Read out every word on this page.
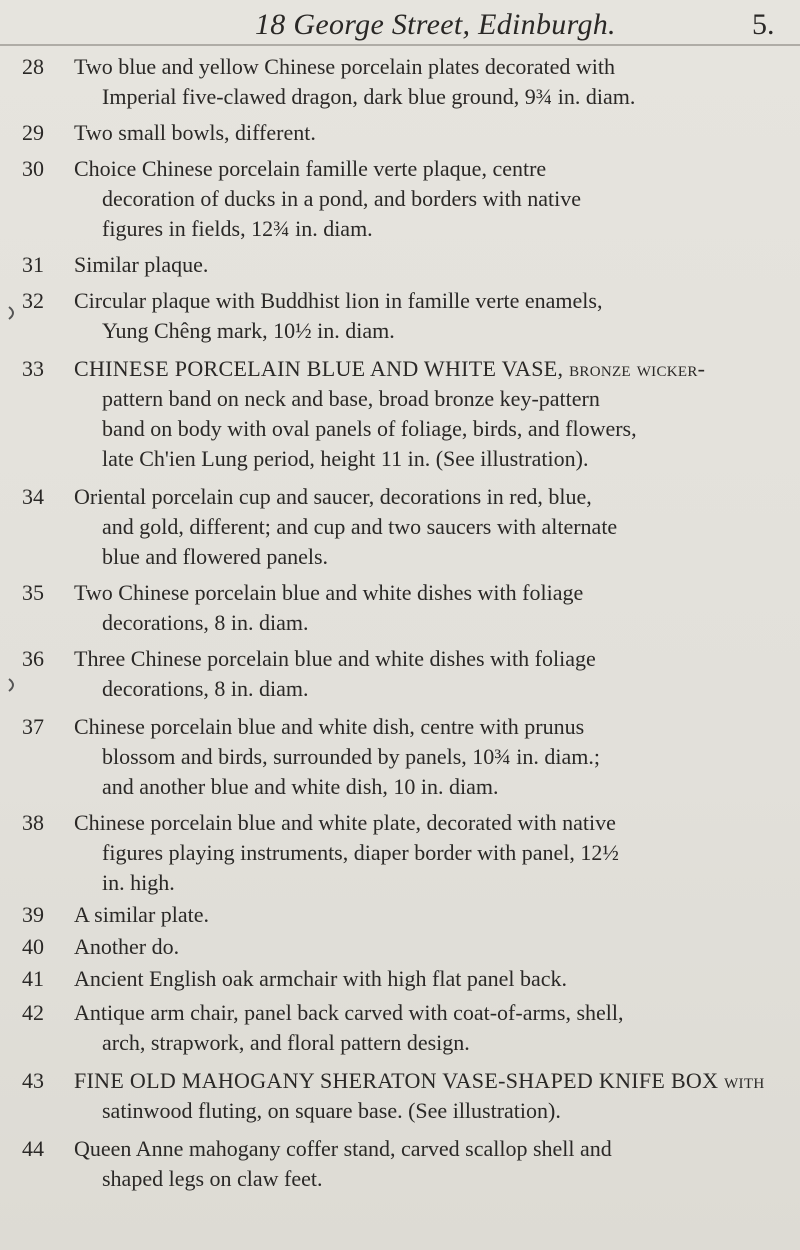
18 George Street, Edinburgh.	5.
28	Two blue and yellow Chinese porcelain plates decorated with
Imperial five-clawed dragon, dark blue ground, 9¾ in. diam.
29	Two small bowls, different.
30	Choice Chinese porcelain famille verte plaque, centre
decoration of ducks in a pond, and borders with native
figures in fields, 12¾ in. diam.
31	Similar plaque.
32	Circular plaque with Buddhist lion in famille verte enamels,
Yung Chêng mark, 10½ in. diam.
33	CHINESE PORCELAIN BLUE AND WHITE VASE, bronze wicker-
pattern band on neck and base, broad bronze key-pattern
band on body with oval panels of foliage, birds, and flowers,
late Ch'ien Lung period, height 11 in. (See illustration).
34	Oriental porcelain cup and saucer, decorations in red, blue,
and gold, different; and cup and two saucers with alternate
blue and flowered panels.
35	Two Chinese porcelain blue and white dishes with foliage
decorations, 8 in. diam.
36	Three Chinese porcelain blue and white dishes with foliage
decorations, 8 in. diam.
37	Chinese porcelain blue and white dish, centre with prunus
blossom and birds, surrounded by panels, 10¾ in. diam.;
and another blue and white dish, 10 in. diam.
38	Chinese porcelain blue and white plate, decorated with native
figures playing instruments, diaper border with panel, 12½
in. high.
39	A similar plate.
40	Another do.
41	Ancient English oak armchair with high flat panel back.
42	Antique arm chair, panel back carved with coat-of-arms, shell,
arch, strapwork, and floral pattern design.
43	FINE OLD MAHOGANY SHERATON VASE-SHAPED KNIFE BOX with
satinwood fluting, on square base. (See illustration).
44	Queen Anne mahogany coffer stand, carved scallop shell and
shaped legs on claw feet.
